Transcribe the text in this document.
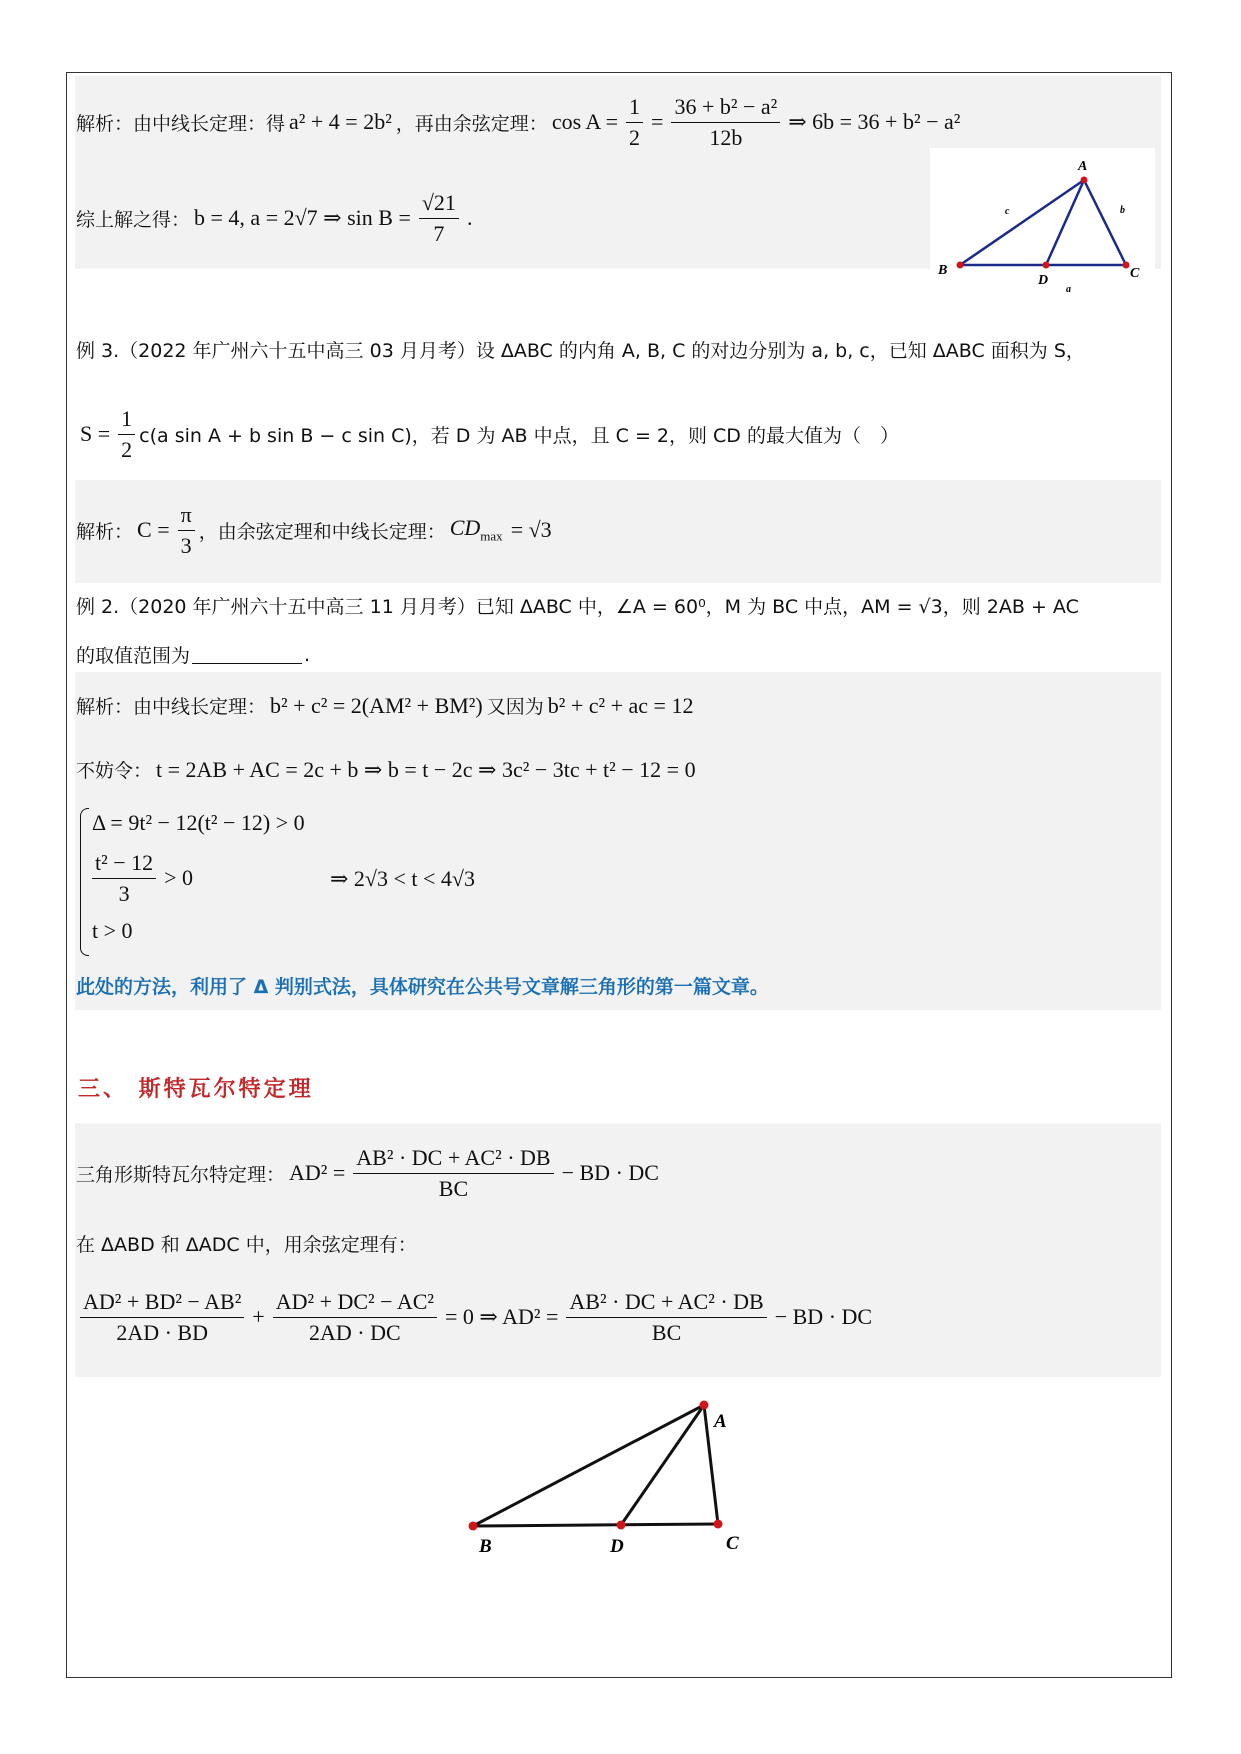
解析：由中线长定理：得 a² + 4 = 2b² ，再由余弦定理： $\cos A = \frac{1}{2} = \frac{\text{36 + b² − a²}}{12b}$ ⇒ 6b = 36 + b² − a²
综上解之得： b = 4, a = 2√7 ⇒ $\sin B = \frac{√21}{7}$ .
A
B	C
D
a
b
c
例 3.（2022 年广州六十五中高三 03 月月考）设 ΔABC 的内角 A, B, C 的对边分别为 a, b, c，已知 ΔABC 面积为 S，
$S = \frac{1}{2} c(a$ sin A + b sin B − c sin C)，若 D 为 AB 中点，且 C = 2，则 CD 的最大值为（　）
解析： $C = \frac{\pi}{3}$ ，由余弦定理和中线长定理： $CD_{max} = √3$
例 2.（2020 年广州六十五中高三 11 月月考）已知 ΔABC 中，∠A = 60⁰，M 为 BC 中点，AM = √3，则 2AB + AC
的取值范围为	.
解析：由中线长定理： b² + c² = 2(AM² + BM²) 又因为 b² + c² + ac = 12
不妨令： t = 2AB + AC = 2c + b ⇒ b = t − 2c ⇒ 3c² − 3tc + t² − 12 = 0
Δ = 9t² − 12(t² − 12) > 0
$\frac{\text{t² − 12}}{3} > 0$	⇒ 2√3 < t < 4√3
t > 0
此处的方法，利用了 Δ 判别式法，具体研究在公共号文章解三角形的第一篇文章。
三、 斯特瓦尔特定理
三角形斯特瓦尔特定理： $AD^2 = \frac{\text{AB² · DC + AC² · DB}}{BC}$ − BD · DC
在 ΔABD 和 ΔADC 中，用余弦定理有：
$\frac{\text{AD² + BD² − AB²}}{2AD \cdot BD} + \frac{\text{AD² + DC² − AC²}}{2AD \cdot DC} = 0$ ⇒ $AD^2 = \frac{\text{AB² · DC + AC² · DB}}{BC}$ − BD · DC
A
B	C
D
